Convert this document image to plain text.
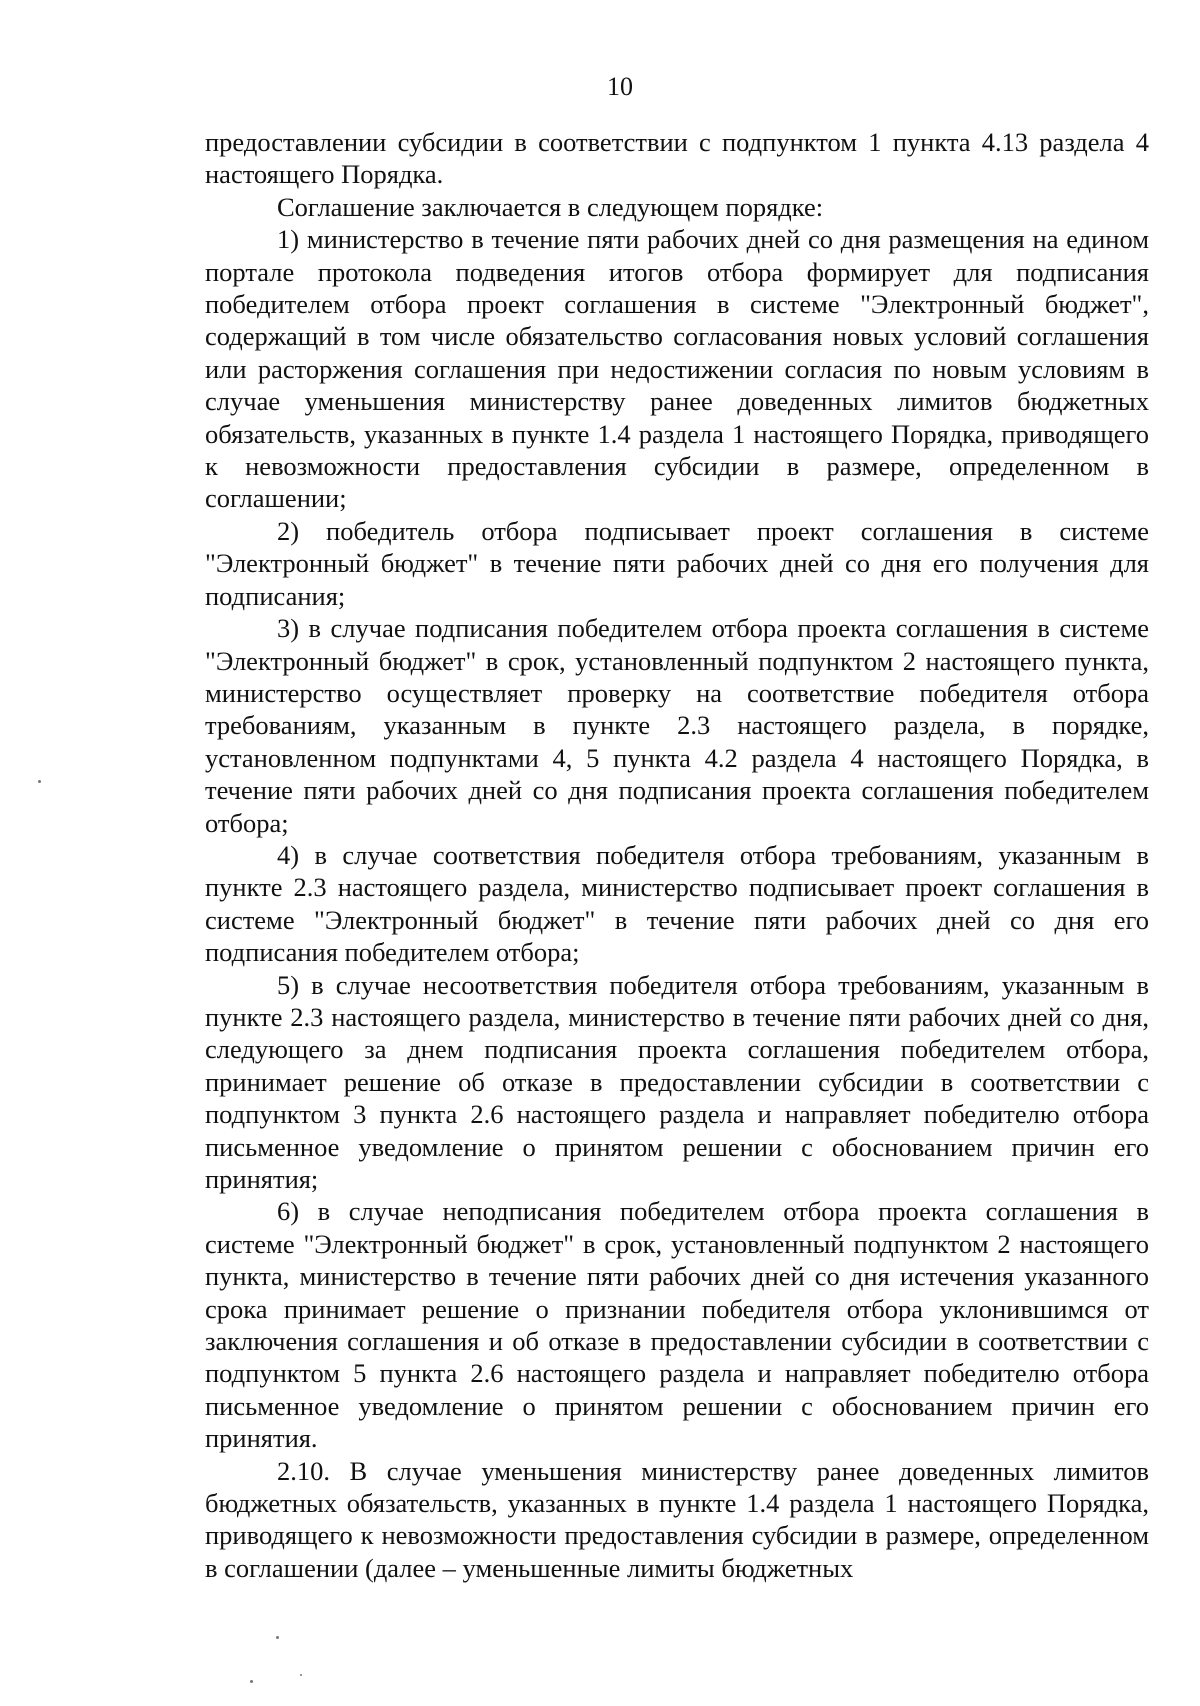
10

предоставлении субсидии в соответствии с подпунктом 1 пункта 4.13 раздела 4 настоящего Порядка.

Соглашение заключается в следующем порядке:

1) министерство в течение пяти рабочих дней со дня размещения на едином портале протокола подведения итогов отбора формирует для подписания победителем отбора проект соглашения в системе "Электронный бюджет", содержащий в том числе обязательство согласования новых условий соглашения или расторжения соглашения при недостижении согласия по новым условиям в случае уменьшения министерству ранее доведенных лимитов бюджетных обязательств, указанных в пункте 1.4 раздела 1 настоящего Порядка, приводящего к невозможности предоставления субсидии в размере, определенном в соглашении;

2) победитель отбора подписывает проект соглашения в системе "Электронный бюджет" в течение пяти рабочих дней со дня его получения для подписания;

3) в случае подписания победителем отбора проекта соглашения в системе "Электронный бюджет" в срок, установленный подпунктом 2 настоящего пункта, министерство осуществляет проверку на соответствие победителя отбора требованиям, указанным в пункте 2.3 настоящего раздела, в порядке, установленном подпунктами 4, 5 пункта 4.2 раздела 4 настоящего Порядка, в течение пяти рабочих дней со дня подписания проекта соглашения победителем отбора;

4) в случае соответствия победителя отбора требованиям, указанным в пункте 2.3 настоящего раздела, министерство подписывает проект соглашения в системе "Электронный бюджет" в течение пяти рабочих дней со дня его подписания победителем отбора;

5) в случае несоответствия победителя отбора требованиям, указанным в пункте 2.3 настоящего раздела, министерство в течение пяти рабочих дней со дня, следующего за днем подписания проекта соглашения победителем отбора, принимает решение об отказе в предоставлении субсидии в соответствии с подпунктом 3 пункта 2.6 настоящего раздела и направляет победителю отбора письменное уведомление о принятом решении с обоснованием причин его принятия;

6) в случае неподписания победителем отбора проекта соглашения в системе "Электронный бюджет" в срок, установленный подпунктом 2 настоящего пункта, министерство в течение пяти рабочих дней со дня истечения указанного срока принимает решение о признании победителя отбора уклонившимся от заключения соглашения и об отказе в предоставлении субсидии в соответствии с подпунктом 5 пункта 2.6 настоящего раздела и направляет победителю отбора письменное уведомление о принятом решении с обоснованием причин его принятия.

2.10. В случае уменьшения министерству ранее доведенных лимитов бюджетных обязательств, указанных в пункте 1.4 раздела 1 настоящего Порядка, приводящего к невозможности предоставления субсидии в размере, определенном в соглашении (далее – уменьшенные лимиты бюджетных
